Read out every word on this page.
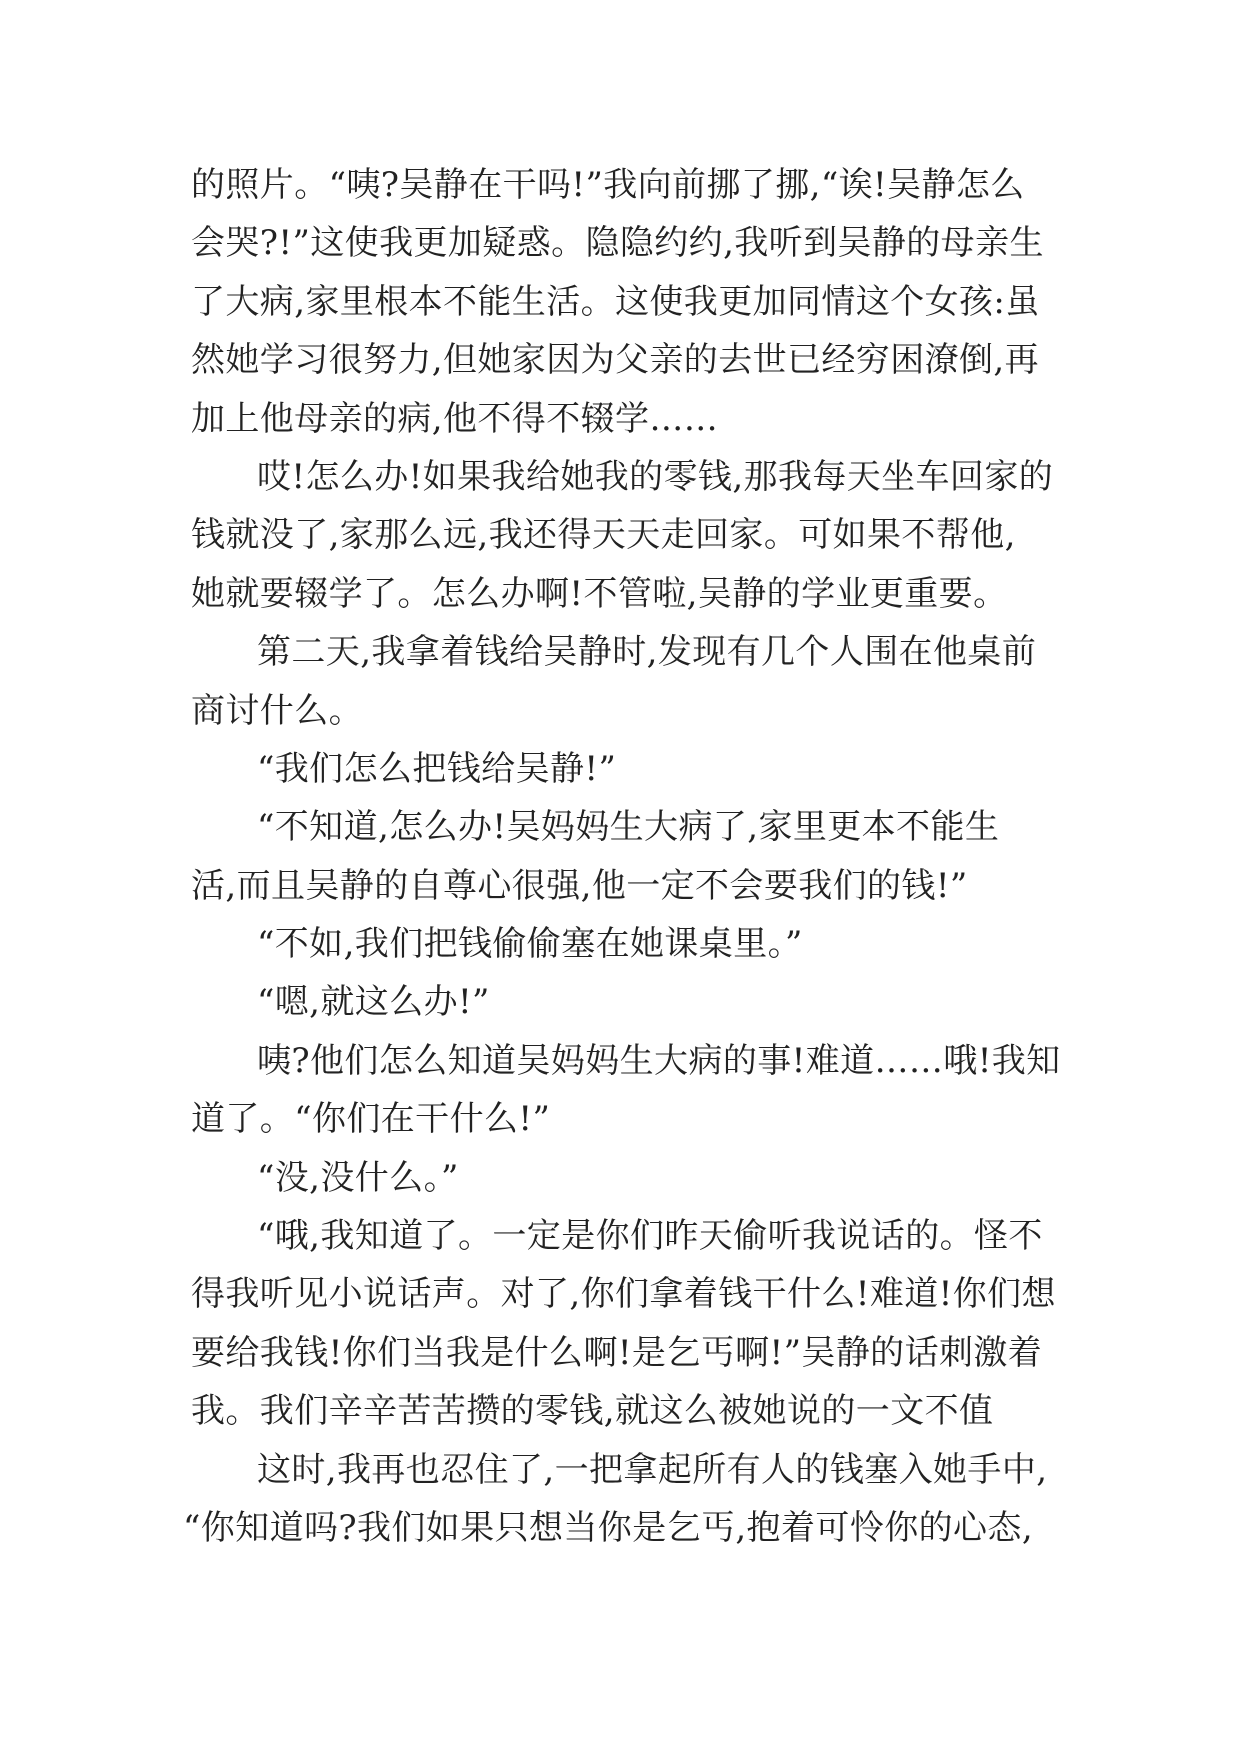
的照片。“咦?吴静在干吗!”我向前挪了挪,“诶!吴静怎么
会哭?!”这使我更加疑惑。隐隐约约,我听到吴静的母亲生
了大病,家里根本不能生活。这使我更加同情这个女孩:虽
然她学习很努力,但她家因为父亲的去世已经穷困潦倒,再
加上他母亲的病,他不得不辍学……
哎!怎么办!如果我给她我的零钱,那我每天坐车回家的
钱就没了,家那么远,我还得天天走回家。可如果不帮他,
她就要辍学了。怎么办啊!不管啦,吴静的学业更重要。
第二天,我拿着钱给吴静时,发现有几个人围在他桌前
商讨什么。
“我们怎么把钱给吴静!”
“不知道,怎么办!吴妈妈生大病了,家里更本不能生
活,而且吴静的自尊心很强,他一定不会要我们的钱!”
“不如,我们把钱偷偷塞在她课桌里。”
“嗯,就这么办!”
咦?他们怎么知道吴妈妈生大病的事!难道……哦!我知
道了。“你们在干什么!”
“没,没什么。”
“哦,我知道了。一定是你们昨天偷听我说话的。怪不
得我听见小说话声。对了,你们拿着钱干什么!难道!你们想
要给我钱!你们当我是什么啊!是乞丐啊!”吴静的话刺激着
我。我们辛辛苦苦攒的零钱,就这么被她说的一文不值
这时,我再也忍住了,一把拿起所有人的钱塞入她手中,
“你知道吗?我们如果只想当你是乞丐,抱着可怜你的心态,
